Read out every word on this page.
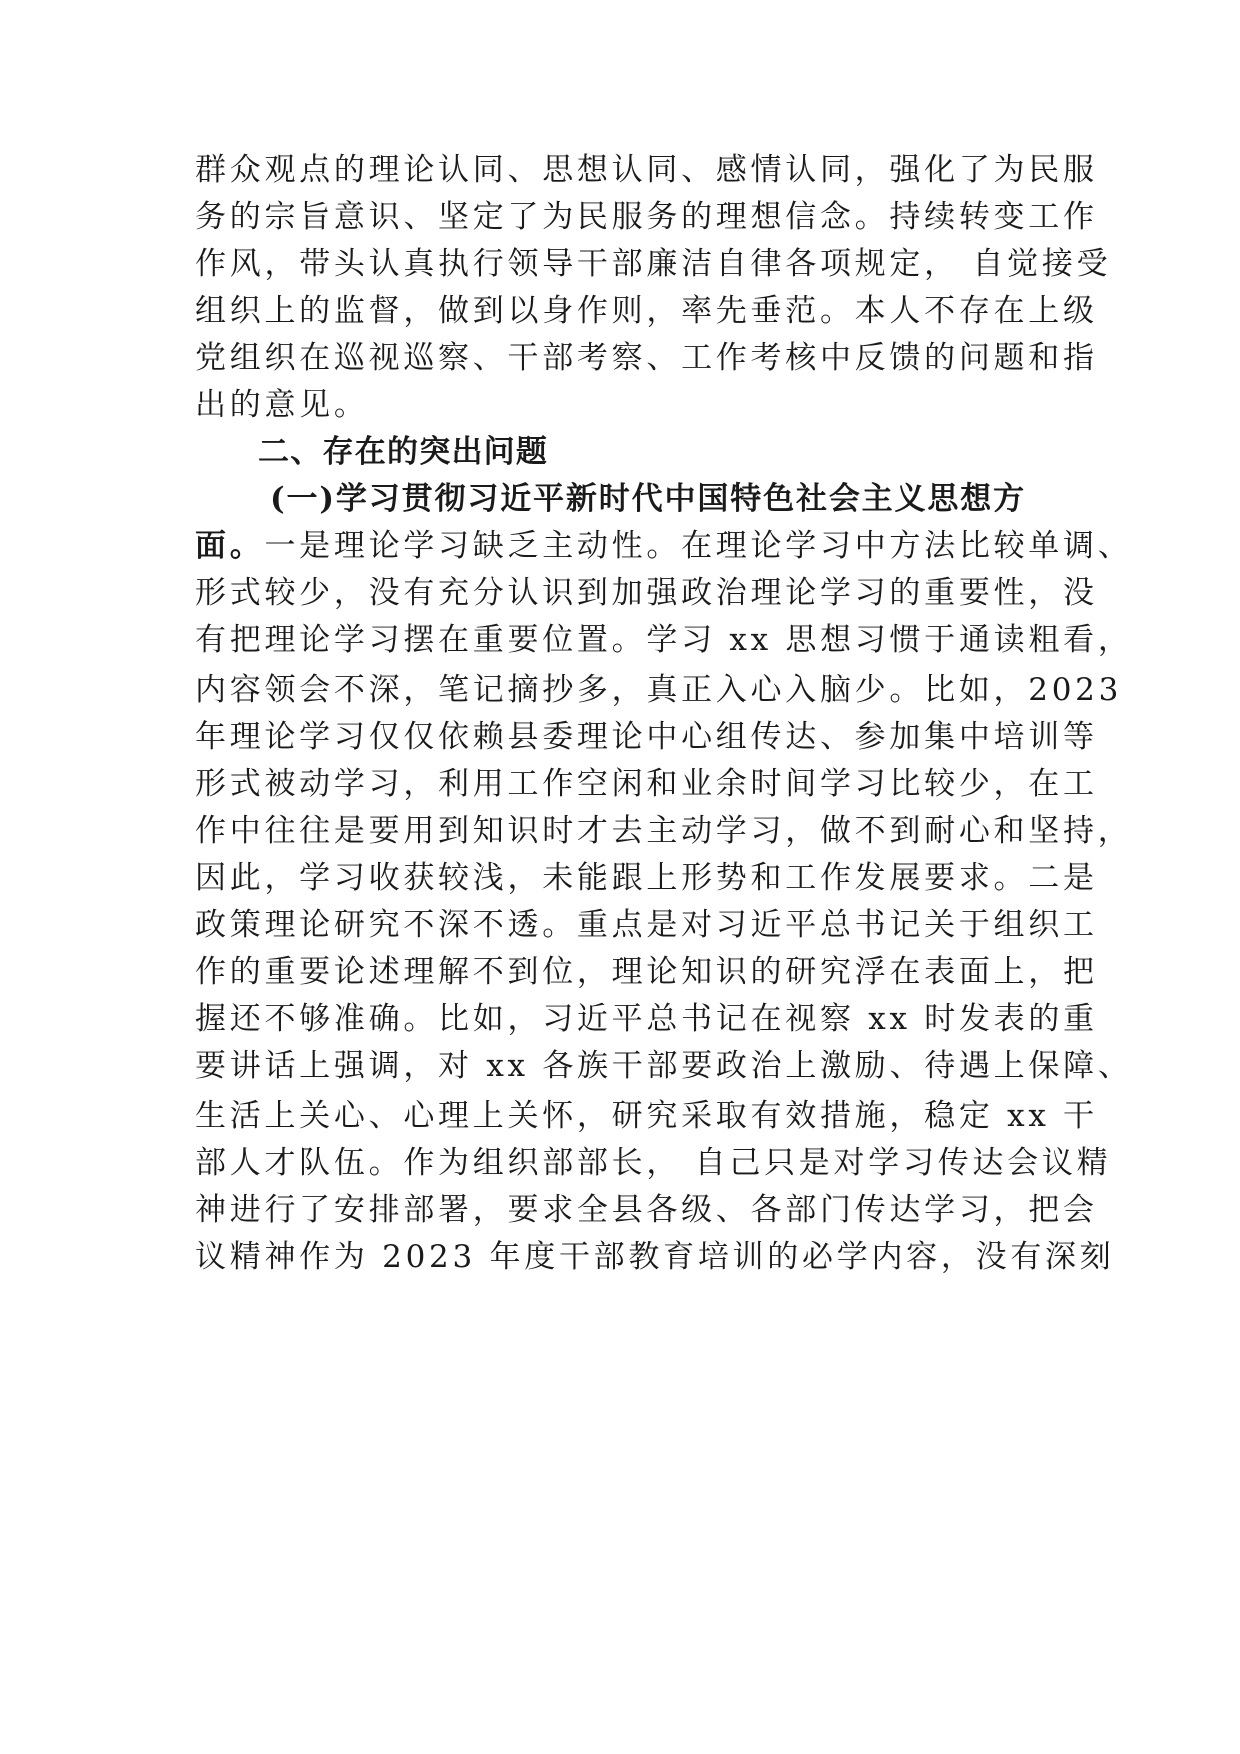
群众观点的理论认同、思想认同、感情认同，强化了为民服

务的宗旨意识、坚定了为民服务的理想信念。持续转变工作

作风，带头认真执行领导干部廉洁自律各项规定， 自觉接受

组织上的监督，做到以身作则，率先垂范。本人不存在上级

党组织在巡视巡察、干部考察、工作考核中反馈的问题和指

出的意见。

二、存在的突出问题

(一)学习贯彻习近平新时代中国特色社会主义思想方

面。一是理论学习缺乏主动性。在理论学习中方法比较单调、

形式较少，没有充分认识到加强政治理论学习的重要性，没

有把理论学习摆在重要位置。学习 xx 思想习惯于通读粗看，

内容领会不深，笔记摘抄多，真正入心入脑少。比如，2023

年理论学习仅仅依赖县委理论中心组传达、参加集中培训等

形式被动学习，利用工作空闲和业余时间学习比较少，在工

作中往往是要用到知识时才去主动学习，做不到耐心和坚持，

因此，学习收获较浅，未能跟上形势和工作发展要求。二是

政策理论研究不深不透。重点是对习近平总书记关于组织工

作的重要论述理解不到位，理论知识的研究浮在表面上，把

握还不够准确。比如，习近平总书记在视察 xx 时发表的重

要讲话上强调，对 xx 各族干部要政治上激励、待遇上保障、

生活上关心、心理上关怀，研究采取有效措施，稳定 xx 干

部人才队伍。作为组织部部长， 自己只是对学习传达会议精

神进行了安排部署，要求全县各级、各部门传达学习，把会

议精神作为 2023 年度干部教育培训的必学内容，没有深刻
